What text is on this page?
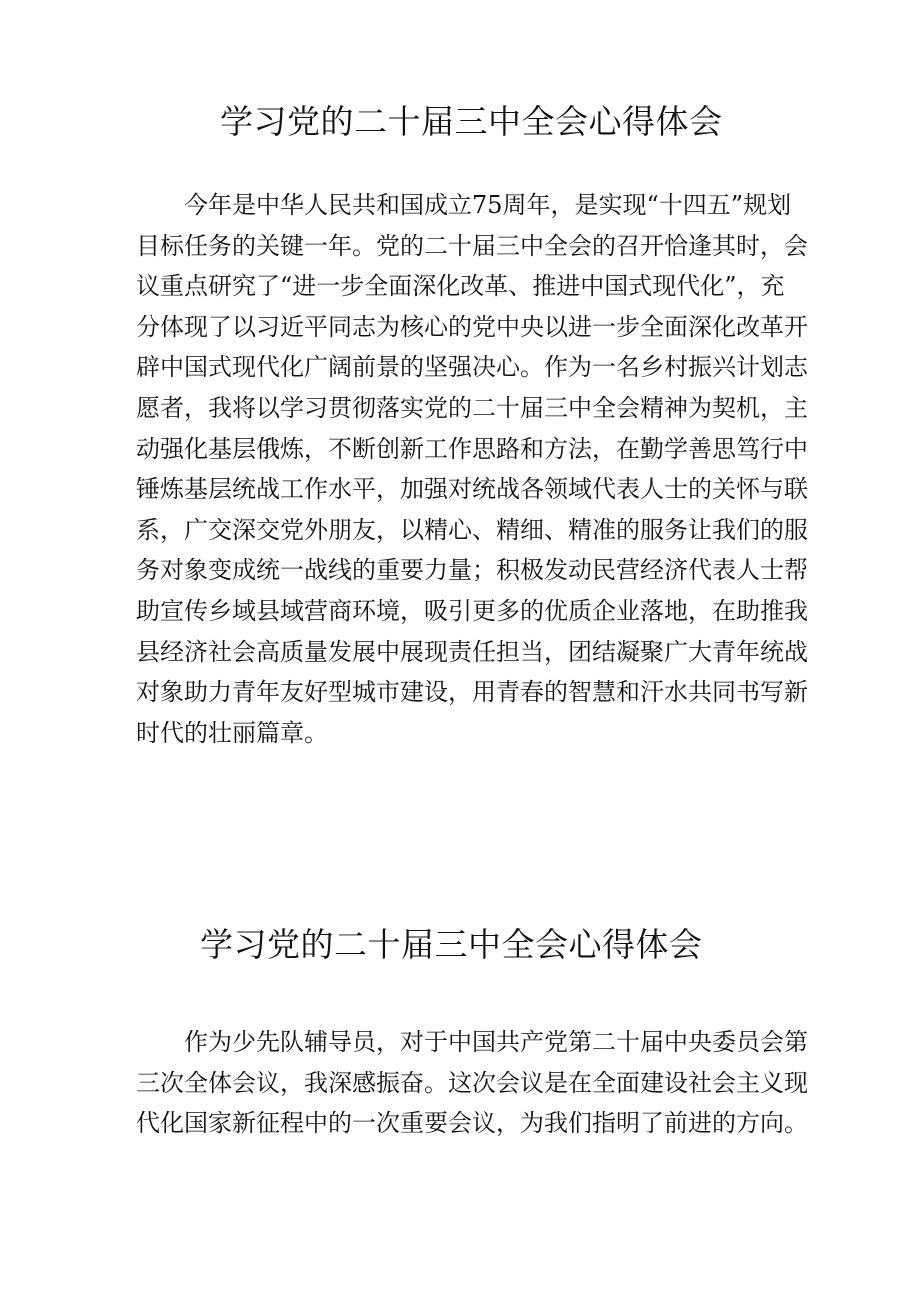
学习党的二十届三中全会心得体会
今年是中华人民共和国成立75周年，是实现“十四五”规划
目标任务的关键一年。党的二十届三中全会的召开恰逢其时，会
议重点研究了“进一步全面深化改革、推进中国式现代化”，充
分体现了以习近平同志为核心的党中央以进一步全面深化改革开
辟中国式现代化广阔前景的坚强决心。作为一名乡村振兴计划志
愿者，我将以学习贯彻落实党的二十届三中全会精神为契机，主
动强化基层俄炼，不断创新工作思路和方法，在勤学善思笃行中
锤炼基层统战工作水平，加强对统战各领域代表人士的关怀与联
系，广交深交党外朋友，以精心、精细、精准的服务让我们的服
务对象变成统一战线的重要力量；积极发动民营经济代表人士帮
助宣传乡域县域营商环境，吸引更多的优质企业落地，在助推我
县经济社会高质量发展中展现责任担当，团结凝聚广大青年统战
对象助力青年友好型城市建设，用青春的智慧和汗水共同书写新
时代的壮丽篇章。
学习党的二十届三中全会心得体会
作为少先队辅导员，对于中国共产党第二十届中央委员会第
三次全体会议，我深感振奋。这次会议是在全面建设社会主义现
代化国家新征程中的一次重要会议，为我们指明了前进的方向。
